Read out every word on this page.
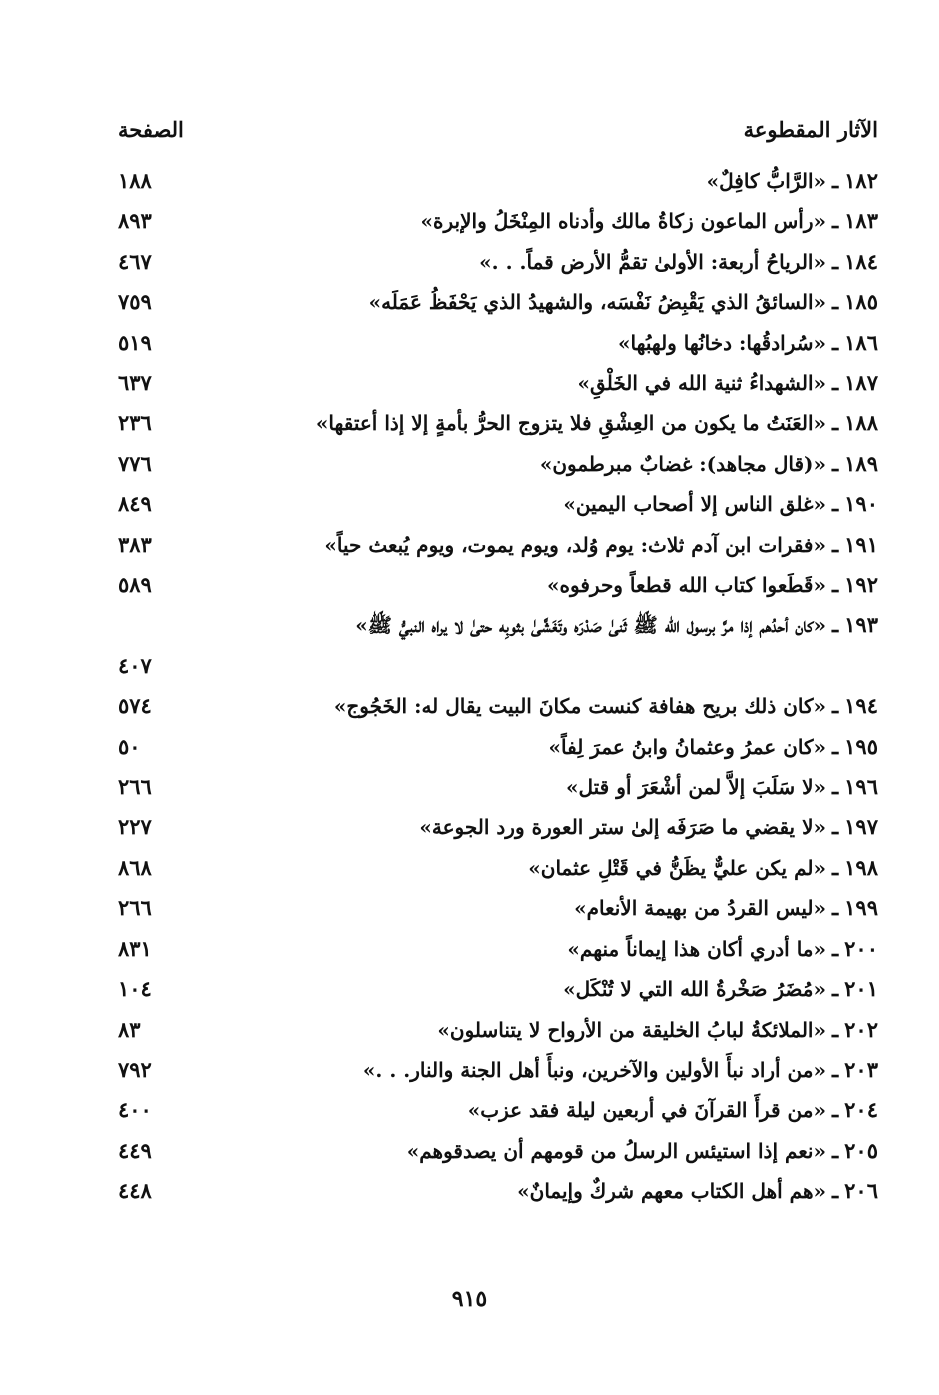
الآثار المقطوعة
الصفحة
١٨٢
ـ
«الرَّابُّ كافِلٌ»
١٨٨
١٨٣
ـ
«رأس الماعون زكاةُ مالك وأدناه المِنْخَلُ والإبرة»
٨٩٣
١٨٤
ـ
«الرياحُ أربعة: الأولىٰ تقمُّ الأرض قماً. . .»
٤٦٧
١٨٥
ـ
«السائقُ الذي يَقْبِضُ نَفْسَه، والشهيدُ الذي يَحْفَظُ عَمَلَه»
٧٥٩
١٨٦
ـ
«سُرادقُها: دخانُها ولهبُها»
٥١٩
١٨٧
ـ
«الشهداءُ ثنية الله في الخَلْقِ»
٦٣٧
١٨٨
ـ
«العَنَتُ ما يكون من العِشْقِ فلا يتزوج الحرُّ بأمةٍ إلا إذا أعتقها»
٢٣٦
١٨٩
ـ
«(قال مجاهد): غضابٌ مبرطمون»
٧٧٦
١٩٠
ـ
«غلق الناس إلا أصحاب اليمين»
٨٤٩
١٩١
ـ
«فقرات ابن آدم ثلاث: يوم وُلد، ويوم يموت، ويوم يُبعث حياً»
٣٨٣
١٩٢
ـ
«قَطَعوا كتاب الله قطعاً وحرفوه»
٥٨٩
١٩٣
ـ
«كان أحدُهم إذا مرَّ برسول الله ﷺ ثَنىٰ صَدْرَه وتَغَشَّىٰ بثوبِه حتىٰ لا يراه النبيُّ ﷺ»
٤٠٧
١٩٤
ـ
«كان ذلك بريح هفافة كنست مكانَ البيت يقال له: الخَجُوج»
٥٧٤
١٩٥
ـ
«كان عمرُ وعثمانُ وابنُ عمرَ لِفاً»
٥٠
١٩٦
ـ
«لا سَلَبَ إلاَّ لمن أشْعَرَ أو قتل»
٢٦٦
١٩٧
ـ
«لا يقضي ما صَرَفَه إلىٰ ستر العورة ورد الجوعة»
٢٢٧
١٩٨
ـ
«لم يكن عليٌّ يظَنُّ في قَتْلِ عثمان»
٨٦٨
١٩٩
ـ
«ليس القردُ من بهيمة الأنعام»
٢٦٦
٢٠٠
ـ
«ما أدري أكان هذا إيماناً منهم»
٨٣١
٢٠١
ـ
«مُضَرُ صَخْرةُ الله التي لا تُنْكَل»
١٠٤
٢٠٢
ـ
«الملائكةُ لبابُ الخليقة من الأرواح لا يتناسلون»
٨٣
٢٠٣
ـ
«من أراد نبأَ الأولين والآخرين، ونبأَ أهل الجنة والنار. . .»
٧٩٢
٢٠٤
ـ
«من قرأَ القرآنَ في أربعين ليلة فقد عزب»
٤٠٠
٢٠٥
ـ
«نعم إذا استيئس الرسلُ من قومهم أن يصدقوهم»
٤٤٩
٢٠٦
ـ
«هم أهل الكتاب معهم شركٌ وإيمانٌ»
٤٤٨
٩١٥
